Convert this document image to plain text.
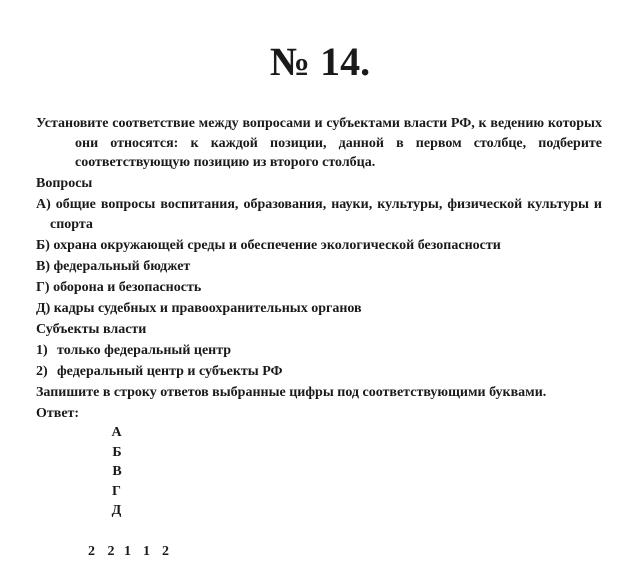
№ 14.

Установите соответствие между вопросами и субъектами власти РФ, к ведению которых они относятся: к каждой позиции, данной в первом столбце, подберите соответствующую позицию из второго столбца.

Вопросы

А) общие вопросы воспитания, образования, науки, культуры, физической культуры и спорта

Б) охрана окружающей среды и обеспечение экологической безопасности

В) федеральный бюджет

Г) оборона и безопасность

Д) кадры судебных и правоохранительных органов

Субъекты власти

1) только федеральный центр
2) федеральный центр и субъекты РФ

Запишите в строку ответов выбранные цифры под соответствующими буквами.

Ответ:

А
Б
В
Г
Д

2 2 1 1 2
